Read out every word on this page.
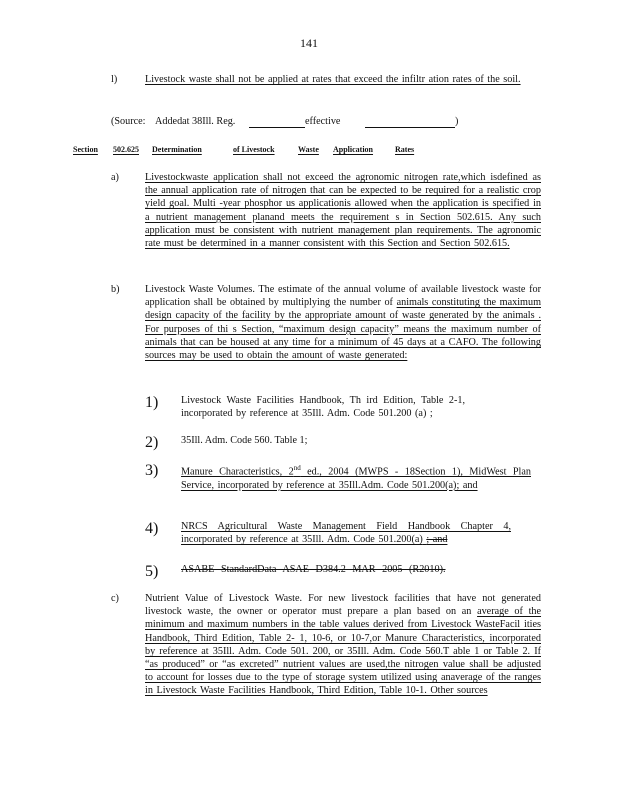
141
l)	Livestock waste shall not be applied at rates that exceed the infiltr ation rates of the soil.
(Source: Addedat 38Ill. Reg.	effective	)
Section 502.625 Determination	of Livestock	Waste Application	Rates
a)	Livestockwaste application shall not exceed the agronomic nitrogen rate,which isdefined as the annual application rate of nitrogen that can be expected to be required for a realistic crop yield goal. Multi -year phosphor us applicationis allowed when the application is specified in a nutrient management planand meets the requirement s in Section 502.615. Any such application must be consistent with nutrient management plan requirements. The agronomic rate must be determined in a manner consistent with this Section and Section 502.615.
b)	Livestock Waste Volumes. The estimate of the annual volume of available livestock waste for application shall be obtained by multiplying the number of animals constituting the maximum design capacity of the facility by the appropriate amount of waste generated by the animals . For purposes of thi s Section, “maximum design capacity” means the maximum number of animals that can be housed at any time for a minimum of 45 days at a CAFO. The following sources may be used to obtain the amount of waste generated:
1) Livestock Waste Facilities Handbook, Th ird Edition, Table 2-1, incorporated by reference at 35Ill. Adm. Code 501.200 (a) ;
2) 35Ill. Adm. Code 560. Table 1;
3) Manure Characteristics, 2nd ed., 2004 (MWPS - 18Section 1), MidWest Plan Service, incorporated by reference at 35Ill.Adm. Code 501.200(a); and
4) NRCS Agricultural Waste Management Field Handbook Chapter 4, incorporated by reference at 35Ill. Adm. Code 501.200(a) ; and
5) ASABE StandardData ASAE D384.2 MAR 2005 (R2010).
c)	Nutrient Value of Livestock Waste. For new livestock facilities that have not generated livestock waste, the owner or operator must prepare a plan based on an average of the minimum and maximum numbers in the table values derived from Livestock WasteFacil ities Handbook, Third Edition, Table 2- 1, 10-6, or 10-7,or Manure Characteristics, incorporated by reference at 35Ill. Adm. Code 501. 200, or 35Ill. Adm. Code 560.T able 1 or Table 2. If “as produced” or “as excreted” nutrient values are used,the nitrogen value shall be adjusted to account for losses due to the type of storage system utilized using anaverage of the ranges in Livestock Waste Facilities Handbook, Third Edition, Table 10-1. Other sources
